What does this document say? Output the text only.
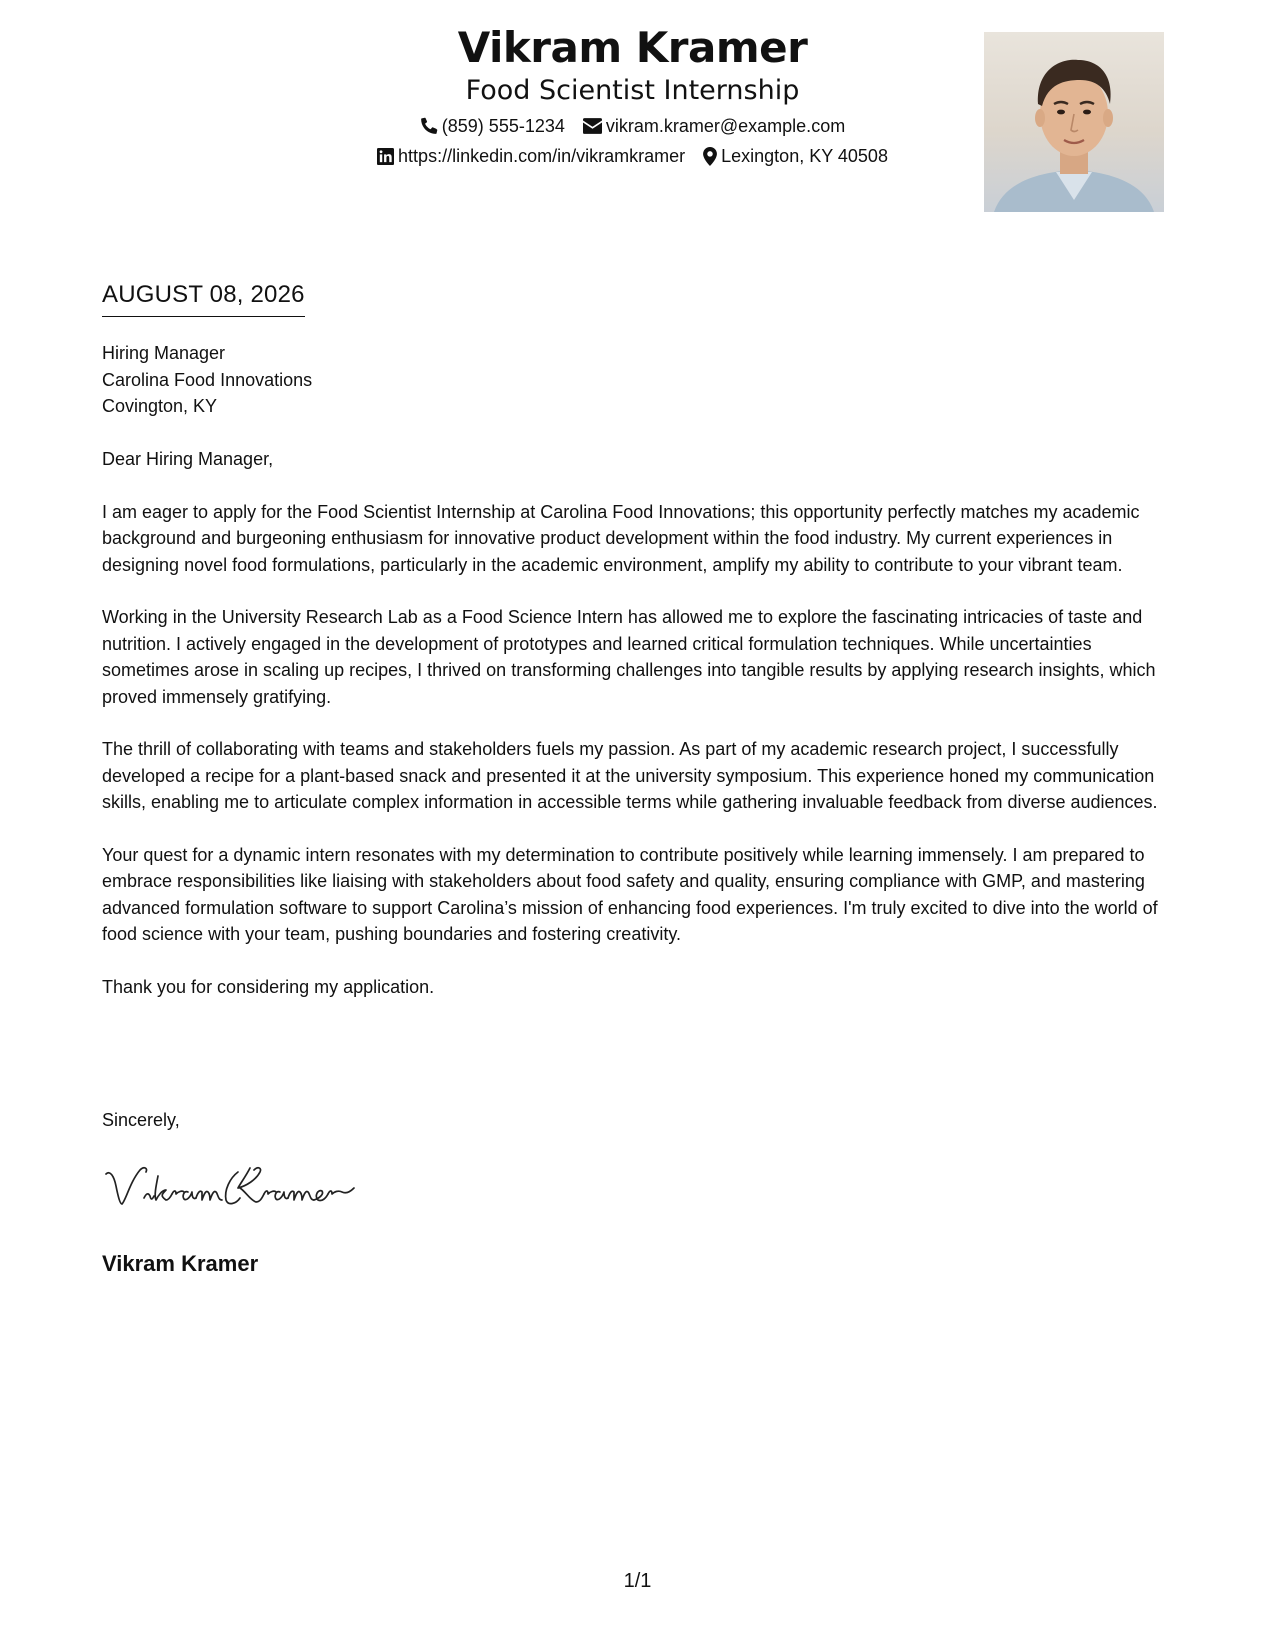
Vikram Kramer
Food Scientist Internship
(859) 555-1234 vikram.kramer@example.com
https://linkedin.com/in/vikramkramer Lexington, KY 40508
AUGUST 08, 2026
Hiring Manager
Carolina Food Innovations
Covington, KY

Dear Hiring Manager,

I am eager to apply for the Food Scientist Internship at Carolina Food Innovations; this opportunity perfectly matches my academic background and burgeoning enthusiasm for innovative product development within the food industry. My current experiences in designing novel food formulations, particularly in the academic environment, amplify my ability to contribute to your vibrant team.

Working in the University Research Lab as a Food Science Intern has allowed me to explore the fascinating intricacies of taste and nutrition. I actively engaged in the development of prototypes and learned critical formulation techniques. While uncertainties sometimes arose in scaling up recipes, I thrived on transforming challenges into tangible results by applying research insights, which proved immensely gratifying.

The thrill of collaborating with teams and stakeholders fuels my passion. As part of my academic research project, I successfully developed a recipe for a plant-based snack and presented it at the university symposium. This experience honed my communication skills, enabling me to articulate complex information in accessible terms while gathering invaluable feedback from diverse audiences.

Your quest for a dynamic intern resonates with my determination to contribute positively while learning immensely. I am prepared to embrace responsibilities like liaising with stakeholders about food safety and quality, ensuring compliance with GMP, and mastering advanced formulation software to support Carolina’s mission of enhancing food experiences. I'm truly excited to dive into the world of food science with your team, pushing boundaries and fostering creativity.

Thank you for considering my application.

Sincerely,
Vikram Kramer
1/1
